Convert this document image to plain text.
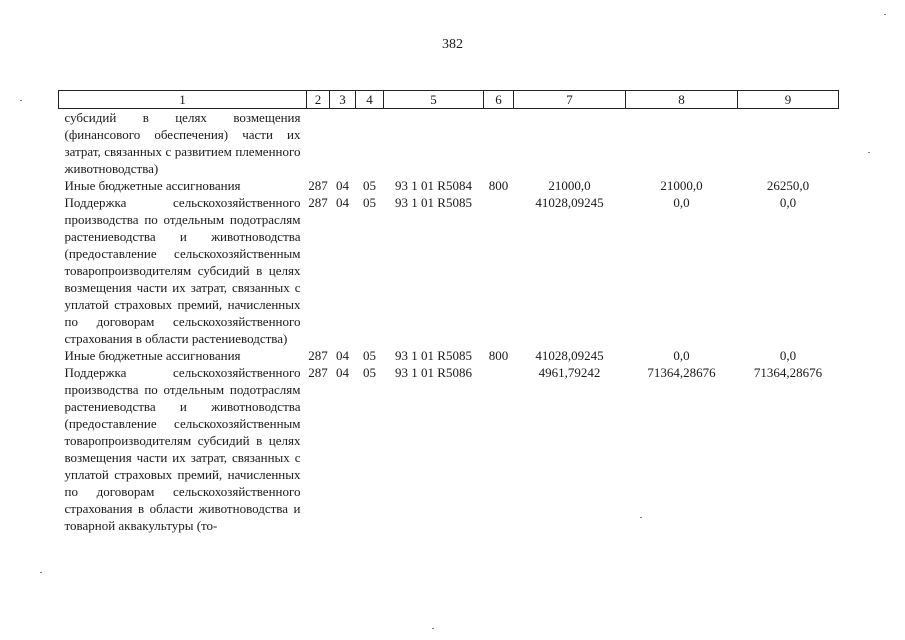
382
1	2	3	4	5	6	7	8	9
субсидий в целях возмещения (финансового обеспечения) части их затрат, связанных с развитием племенного животноводства)								
Иные бюджетные ассигнования	287	04	05	93 1 01 R5084	800	21000,0	21000,0	26250,0
Поддержка сельскохозяйственного производства по отдельным подотраслям растениеводства и животноводства (предоставление сельскохозяйственным товаропроизводителям субсидий в целях возмещения части их затрат, связанных с уплатой страховых премий, начисленных по договорам сельскохозяйственного страхования в области растениеводства)	287	04	05	93 1 01 R5085		41028,09245	0,0	0,0
Иные бюджетные ассигнования	287	04	05	93 1 01 R5085	800	41028,09245	0,0	0,0
Поддержка сельскохозяйственного производства по отдельным подотраслям растениеводства и животноводства (предоставление сельскохозяйственным товаропроизводителям субсидий в целях возмещения части их затрат, связанных с уплатой страховых премий, начисленных по договорам сельскохозяйственного страхования в области животноводства и товарной аквакультуры (то-	287	04	05	93 1 01 R5086		4961,79242	71364,28676	71364,28676
